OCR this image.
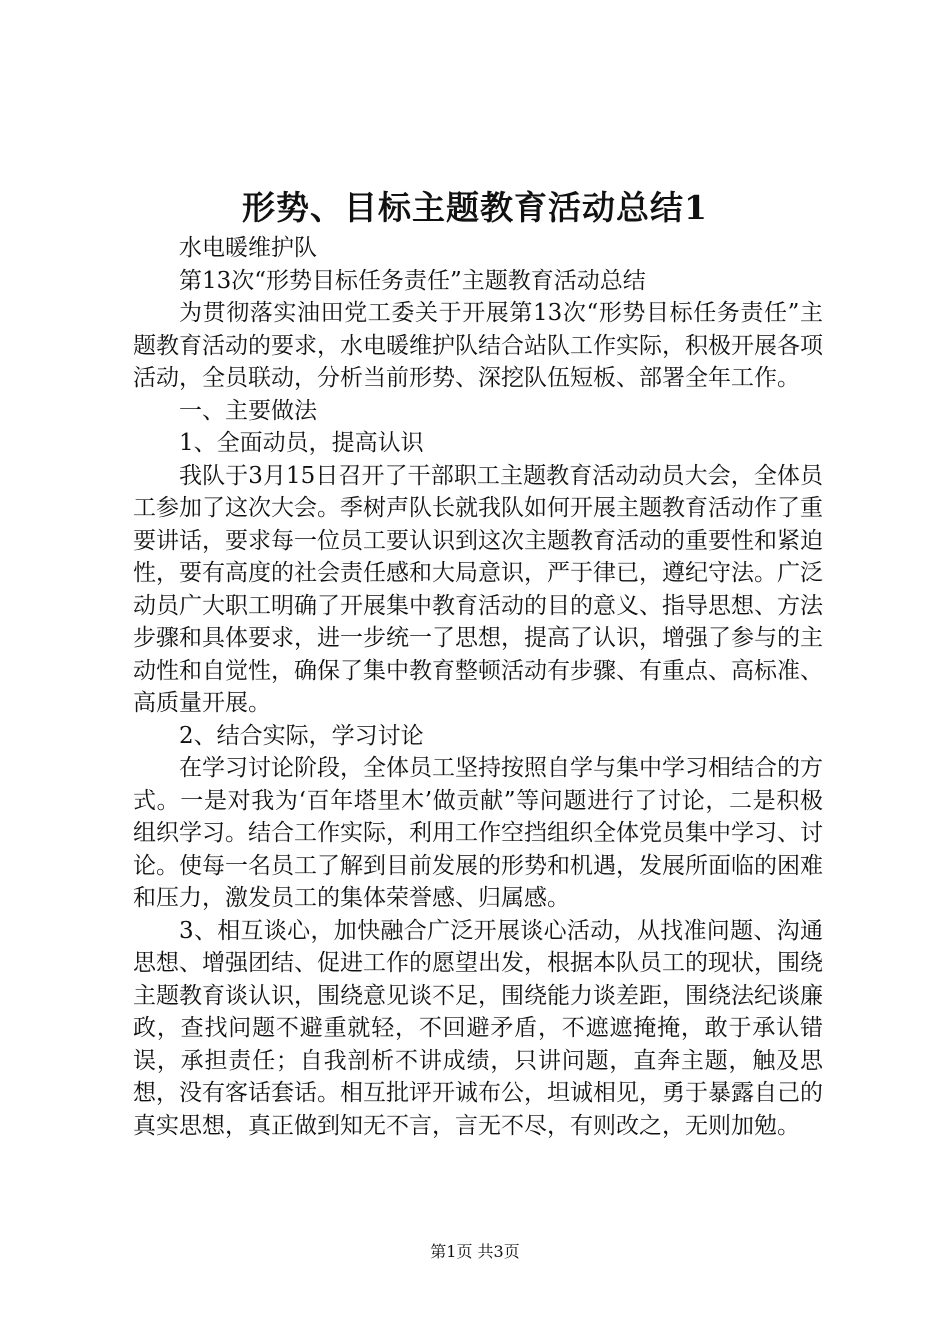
形势、目标主题教育活动总结1

水电暖维护队

第13次“形势目标任务责任”主题教育活动总结

为贯彻落实油田党工委关于开展第13次“形势目标任务责任”主题教育活动的要求，水电暖维护队结合站队工作实际，积极开展各项活动，全员联动，分析当前形势、深挖队伍短板、部署全年工作。

一、主要做法

1、全面动员，提高认识

我队于3月15日召开了干部职工主题教育活动动员大会，全体员工参加了这次大会。季树声队长就我队如何开展主题教育活动作了重要讲话，要求每一位员工要认识到这次主题教育活动的重要性和紧迫性，要有高度的社会责任感和大局意识，严于律已，遵纪守法。广泛动员广大职工明确了开展集中教育活动的目的意义、指导思想、方法步骤和具体要求，进一步统一了思想，提高了认识，增强了参与的主动性和自觉性，确保了集中教育整顿活动有步骤、有重点、高标准、高质量开展。

2、结合实际，学习讨论

在学习讨论阶段，全体员工坚持按照自学与集中学习相结合的方式。一是对我为‘百年塔里木’做贡献”等问题进行了讨论，二是积极组织学习。结合工作实际，利用工作空挡组织全体党员集中学习、讨论。使每一名员工了解到目前发展的形势和机遇，发展所面临的困难和压力，激发员工的集体荣誉感、归属感。

3、相互谈心，加快融合广泛开展谈心活动，从找准问题、沟通思想、增强团结、促进工作的愿望出发，根据本队员工的现状，围绕主题教育谈认识，围绕意见谈不足，围绕能力谈差距，围绕法纪谈廉政，查找问题不避重就轻，不回避矛盾，不遮遮掩掩，敢于承认错误，承担责任；自我剖析不讲成绩，只讲问题，直奔主题，触及思想，没有客话套话。相互批评开诚布公，坦诚相见，勇于暴露自己的真实思想，真正做到知无不言，言无不尽，有则改之，无则加勉。

第1页 共3页
